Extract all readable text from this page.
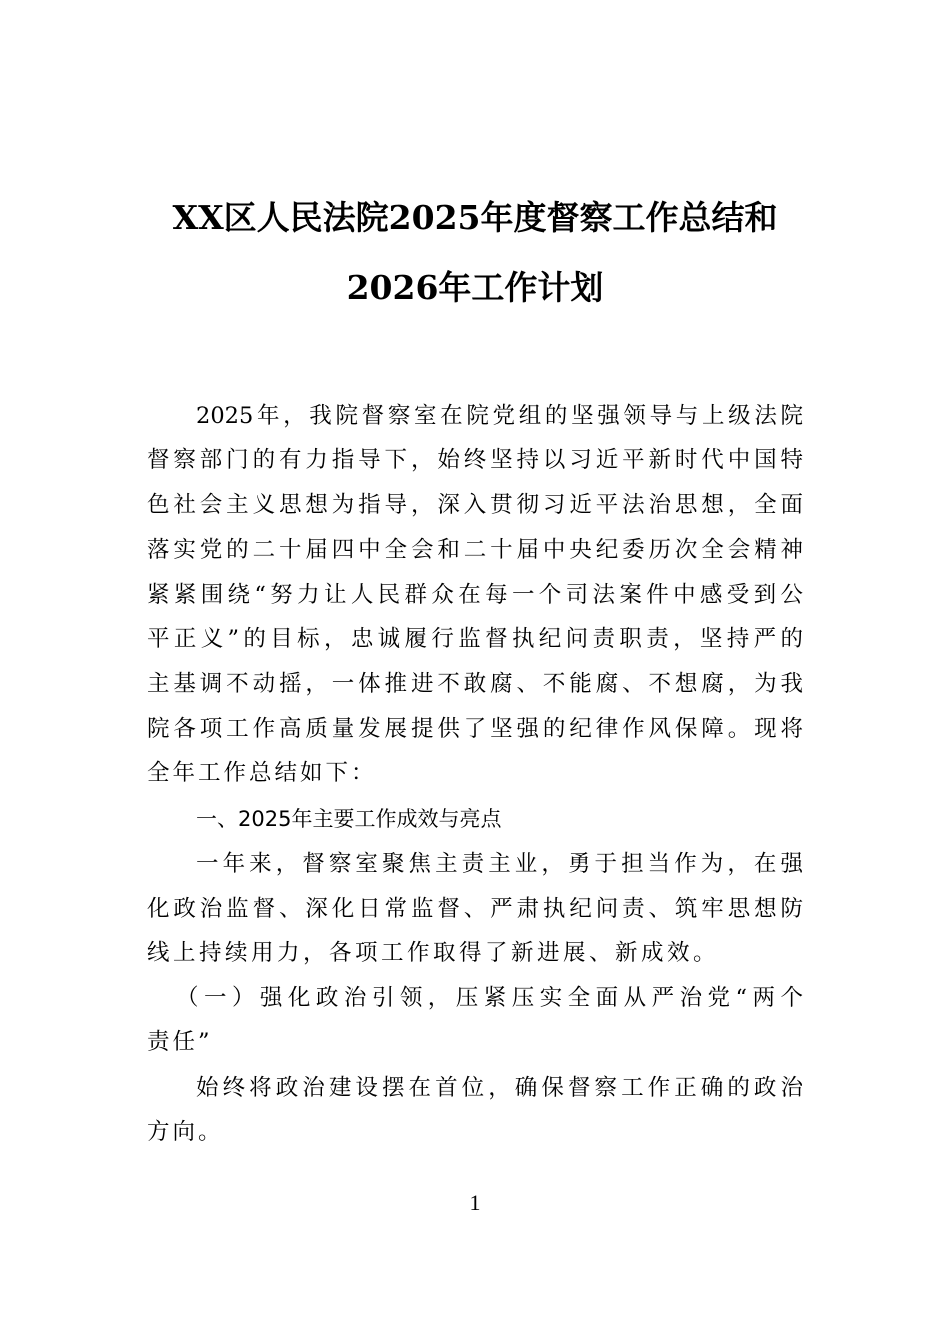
XX区人民法院2025年度督察工作总结和
2026年工作计划
2025年，我院督察室在院党组的坚强领导与上级法院
督察部门的有力指导下，始终坚持以习近平新时代中国特
色社会主义思想为指导，深入贯彻习近平法治思想，全面
落实党的二十届四中全会和二十届中央纪委历次全会精神
紧紧围绕“努力让人民群众在每一个司法案件中感受到公
平正义”的目标，忠诚履行监督执纪问责职责，坚持严的
主基调不动摇，一体推进不敢腐、不能腐、不想腐，为我
院各项工作高质量发展提供了坚强的纪律作风保障。现将
全年工作总结如下：
一、2025年主要工作成效与亮点
一年来，督察室聚焦主责主业，勇于担当作为，在强
化政治监督、深化日常监督、严肃执纪问责、筑牢思想防
线上持续用力，各项工作取得了新进展、新成效。
（一）强化政治引领，压紧压实全面从严治党“两个
责任”
始终将政治建设摆在首位，确保督察工作正确的政治
方向。
1
